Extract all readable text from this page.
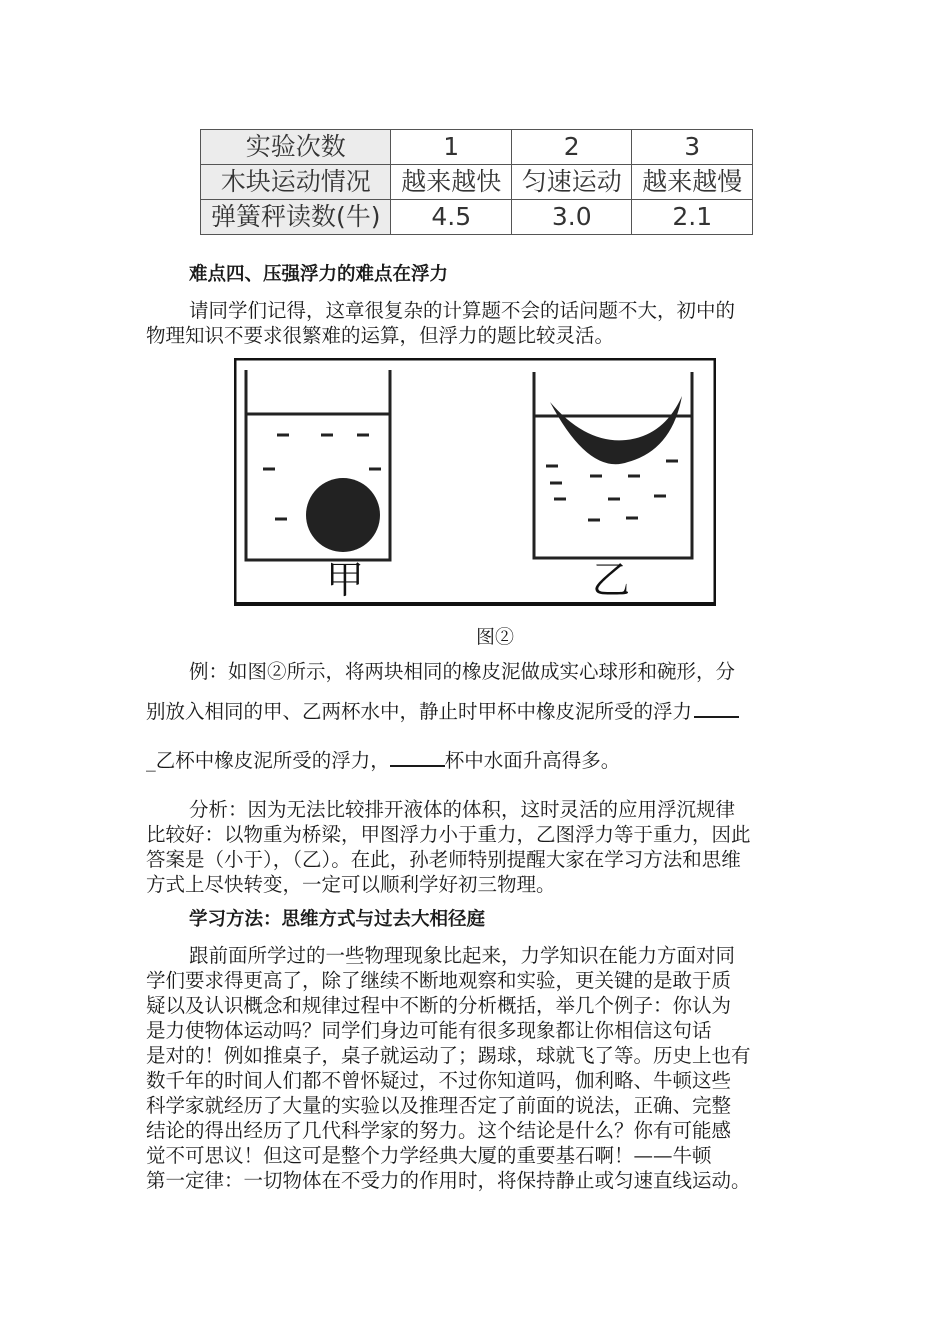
实验次数	1	2	3
木块运动情况	越来越快	匀速运动	越来越慢
弹簧秤读数(牛)	4.5	3.0	2.1
难点四、压强浮力的难点在浮力
请同学们记得，这章很复杂的计算题不会的话问题不大，初中的
物理知识不要求很繁难的运算，但浮力的题比较灵活。
甲	乙
图②
例：如图②所示，将两块相同的橡皮泥做成实心球形和碗形，分
别放入相同的甲、乙两杯水中，静止时甲杯中橡皮泥所受的浮力
_乙杯中橡皮泥所受的浮力，	杯中水面升高得多。
分析：因为无法比较排开液体的体积，这时灵活的应用浮沉规律
比较好：以物重为桥梁，甲图浮力小于重力，乙图浮力等于重力，因此
答案是（小于），（乙）。在此，孙老师特别提醒大家在学习方法和思维
方式上尽快转变，一定可以顺利学好初三物理。
学习方法：思维方式与过去大相径庭
跟前面所学过的一些物理现象比起来，力学知识在能力方面对同
学们要求得更高了，除了继续不断地观察和实验，更关键的是敢于质
疑以及认识概念和规律过程中不断的分析概括，举几个例子：你认为
是力使物体运动吗？同学们身边可能有很多现象都让你相信这句话
是对的！例如推桌子，桌子就运动了；踢球，球就飞了等。历史上也有
数千年的时间人们都不曾怀疑过，不过你知道吗，伽利略、牛顿这些
科学家就经历了大量的实验以及推理否定了前面的说法，正确、完整
结论的得出经历了几代科学家的努力。这个结论是什么？你有可能感
觉不可思议！但这可是整个力学经典大厦的重要基石啊！——牛顿
第一定律：一切物体在不受力的作用时，将保持静止或匀速直线运动。
